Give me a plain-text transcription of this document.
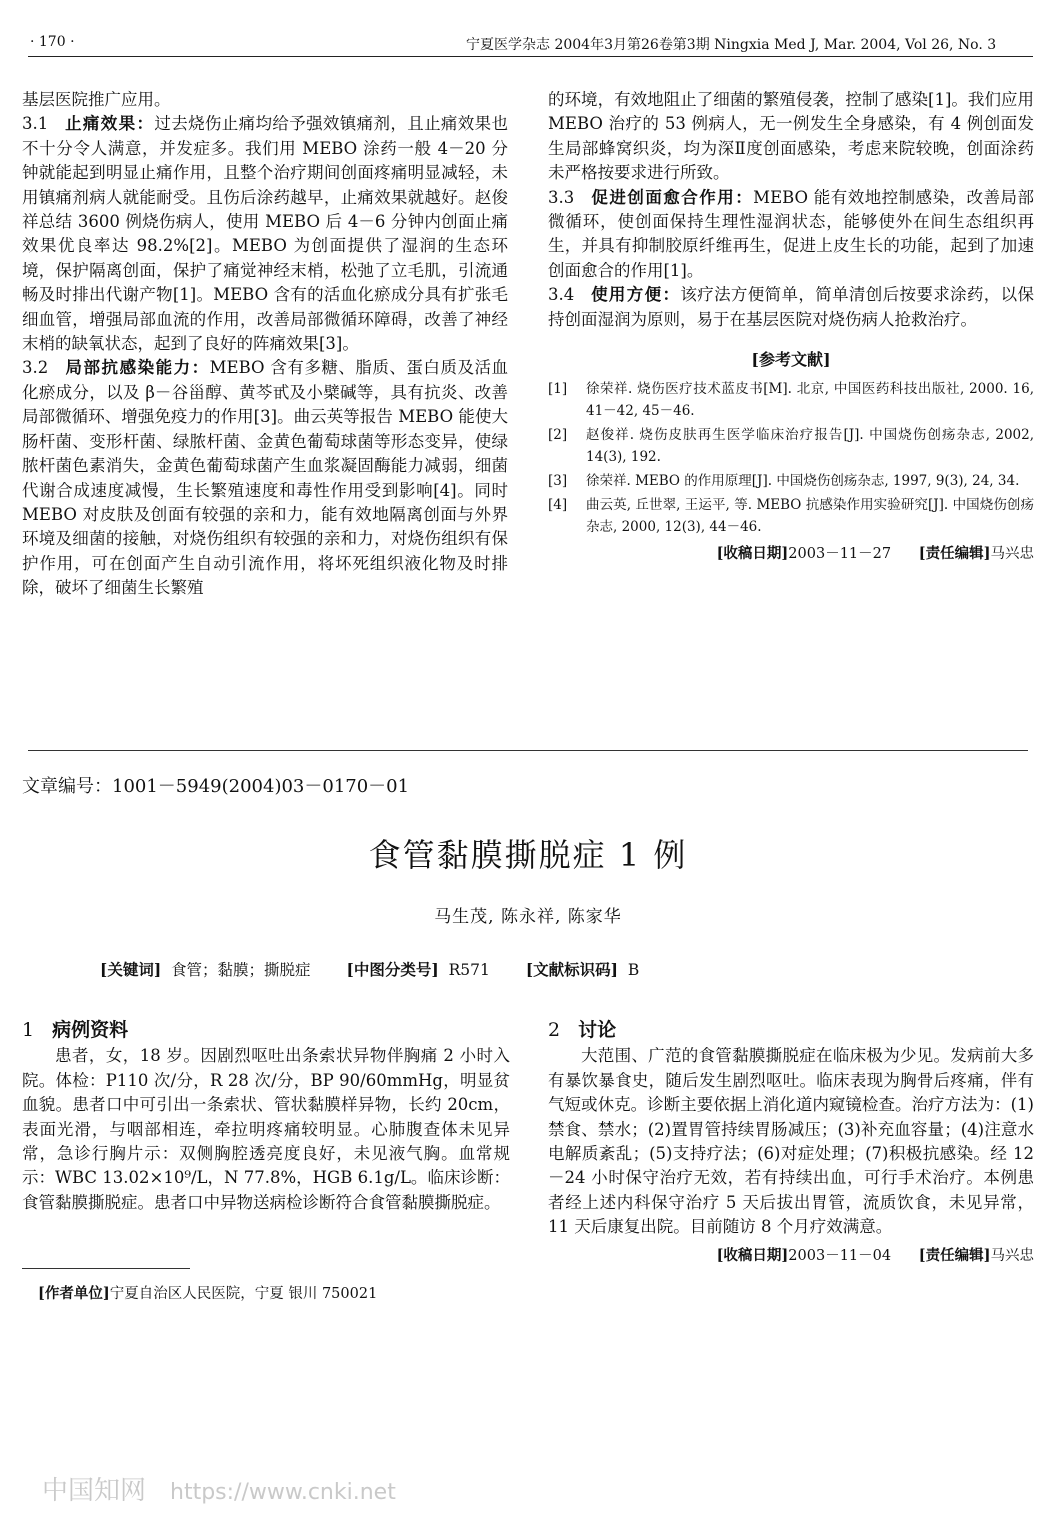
· 170 ·	宁夏医学杂志 2004年3月第26卷第3期 Ningxia Med J, Mar. 2004, Vol 26, No. 3

基层医院推广应用。

3.1 止痛效果：过去烧伤止痛均给予强效镇痛剂，且止痛效果也不十分令人满意，并发症多。我们用 MEBO 涂药一般 4－20 分钟就能起到明显止痛作用，且整个治疗期间创面疼痛明显减轻，未用镇痛剂病人就能耐受。且伤后涂药越早，止痛效果就越好。赵俊祥总结 3600 例烧伤病人，使用 MEBO 后 4－6 分钟内创面止痛效果优良率达 98.2%[2]。MEBO 为创面提供了湿润的生态环境，保护隔离创面，保护了痛觉神经末梢，松弛了立毛肌，引流通畅及时排出代谢产物[1]。MEBO 含有的活血化瘀成分具有扩张毛细血管，增强局部血流的作用，改善局部微循环障碍，改善了神经末梢的缺氧状态，起到了良好的阵痛效果[3]。

3.2 局部抗感染能力：MEBO 含有多糖、脂质、蛋白质及活血化瘀成分，以及 β－谷甾醇、黄芩甙及小檗碱等，具有抗炎、改善局部微循环、增强免疫力的作用[3]。曲云英等报告 MEBO 能使大肠杆菌、变形杆菌、绿脓杆菌、金黄色葡萄球菌等形态变异，使绿脓杆菌色素消失，金黄色葡萄球菌产生血浆凝固酶能力减弱，细菌代谢合成速度减慢，生长繁殖速度和毒性作用受到影响[4]。同时 MEBO 对皮肤及创面有较强的亲和力，能有效地隔离创面与外界环境及细菌的接触，对烧伤组织有较强的亲和力，对烧伤组织有保护作用，可在创面产生自动引流作用，将坏死组织液化物及时排除，破坏了细菌生长繁殖

的环境，有效地阻止了细菌的繁殖侵袭，控制了感染[1]。我们应用 MEBO 治疗的 53 例病人，无一例发生全身感染，有 4 例创面发生局部蜂窝织炎，均为深Ⅱ度创面感染，考虑来院较晚，创面涂药未严格按要求进行所致。

3.3 促进创面愈合作用：MEBO 能有效地控制感染，改善局部微循环，使创面保持生理性湿润状态，能够使外在间生态组织再生，并具有抑制胶原纤维再生，促进上皮生长的功能，起到了加速创面愈合的作用[1]。

3.4 使用方便：该疗法方便简单，简单清创后按要求涂药，以保持创面湿润为原则，易于在基层医院对烧伤病人抢救治疗。

[参考文献]
[1]	徐荣祥. 烧伤医疗技术蓝皮书[M]. 北京, 中国医药科技出版社, 2000. 16, 41－42, 45－46.
[2]	赵俊祥. 烧伤皮肤再生医学临床治疗报告[J]. 中国烧伤创疡杂志, 2002, 14(3), 192.
[3]	徐荣祥. MEBO 的作用原理[J]. 中国烧伤创疡杂志, 1997, 9(3), 24, 34.
[4]	曲云英, 丘世翠, 王运平, 等. MEBO 抗感染作用实验研究[J]. 中国烧伤创疡杂志, 2000, 12(3), 44－46.
[收稿日期]2003－11－27 [责任编辑]马兴忠
文章编号：1001－5949(2004)03－0170－01
食管黏膜撕脱症 1 例
马生茂, 陈永祥, 陈家华
[关键词] 食管；黏膜；撕脱症 [中图分类号] R571 [文献标识码] B
1 病例资料

患者，女，18 岁。因剧烈呕吐出条索状异物伴胸痛 2 小时入院。体检：P110 次/分，R 28 次/分，BP 90/60mmHg，明显贫血貌。患者口中可引出一条索状、管状黏膜样异物，长约 20cm，表面光滑，与咽部相连，牵拉明疼痛较明显。心肺腹查体未见异常，急诊行胸片示：双侧胸腔透亮度良好，未见液气胸。血常规示：WBC 13.02×10⁹/L，N 77.8%，HGB 6.1g/L。临床诊断：食管黏膜撕脱症。患者口中异物送病检诊断符合食管黏膜撕脱症。

2 讨论

大范围、广范的食管黏膜撕脱症在临床极为少见。发病前大多有暴饮暴食史，随后发生剧烈呕吐。临床表现为胸骨后疼痛，伴有气短或休克。诊断主要依据上消化道内窥镜检查。治疗方法为：(1)禁食、禁水；(2)置胃管持续胃肠减压；(3)补充血容量；(4)注意水电解质紊乱；(5)支持疗法；(6)对症处理；(7)积极抗感染。经 12－24 小时保守治疗无效，若有持续出血，可行手术治疗。本例患者经上述内科保守治疗 5 天后拔出胃管，流质饮食，未见异常，11 天后康复出院。目前随访 8 个月疗效满意。

[收稿日期]2003－11－04 [责任编辑]马兴忠
[作者单位]宁夏自治区人民医院，宁夏 银川 750021
中国知网 https://www.cnki.net
